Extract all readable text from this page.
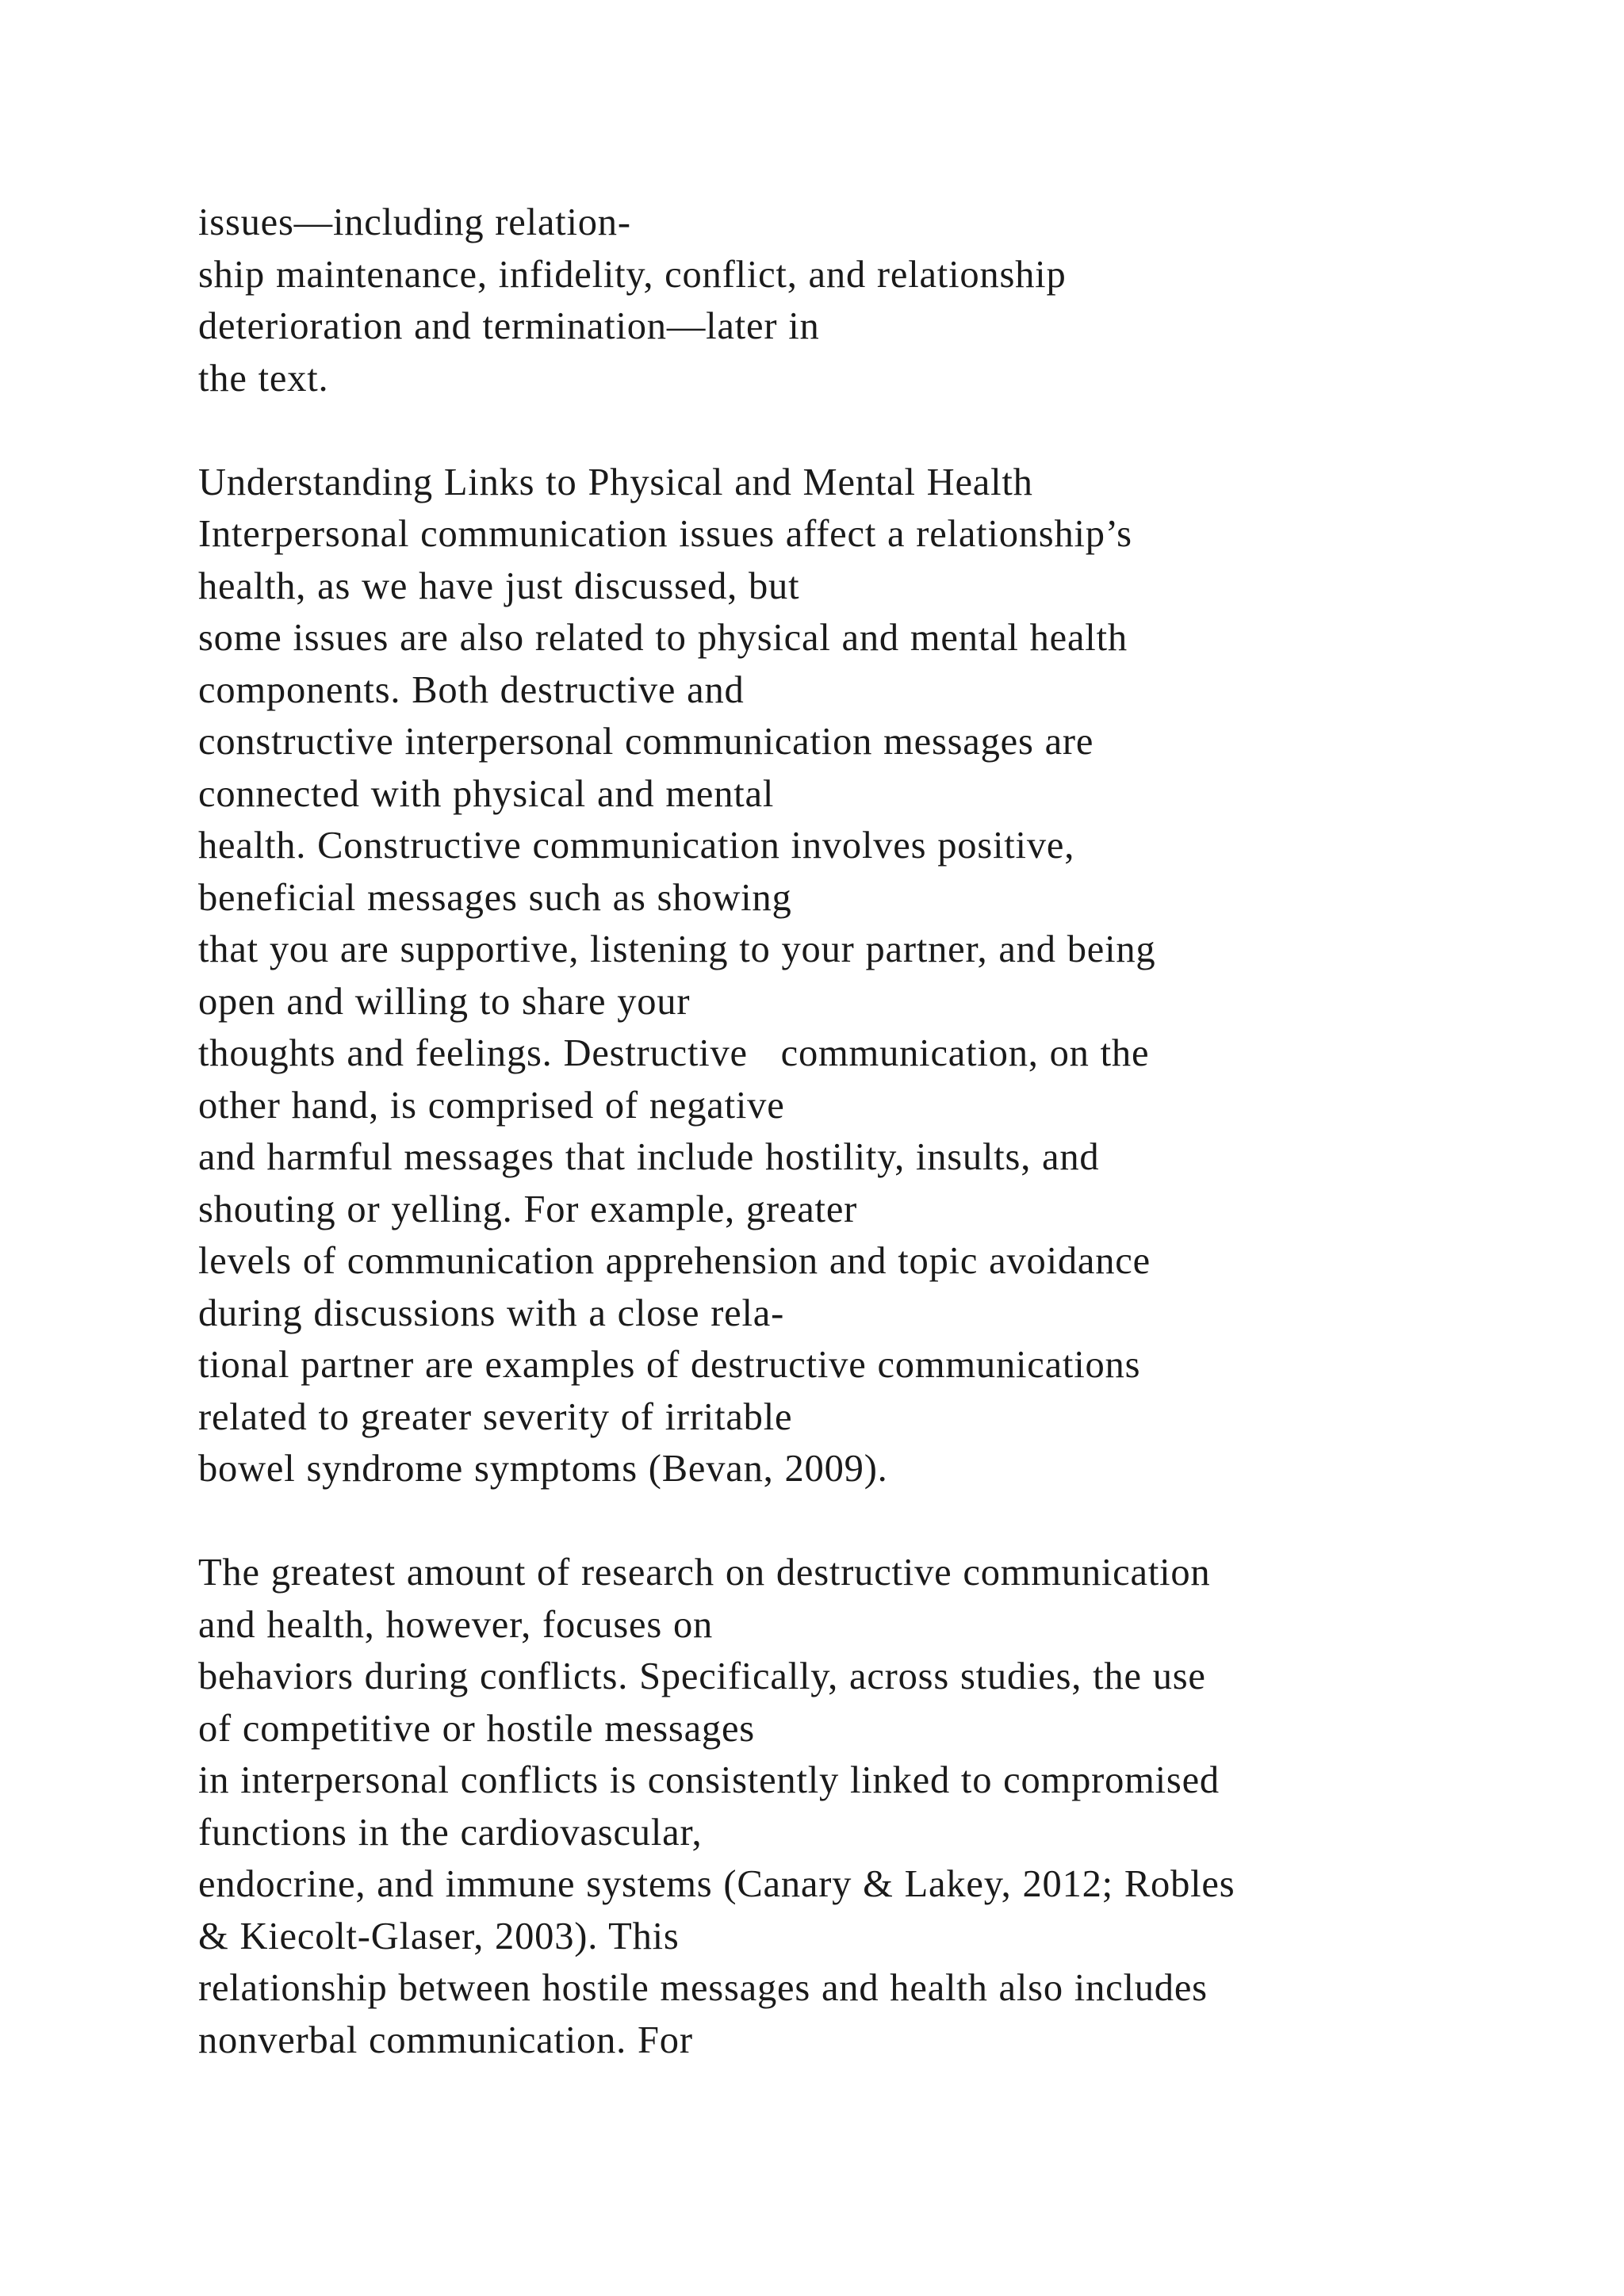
issues—including relation-
ship maintenance, infidelity, conflict, and relationship
deterioration and termination—later in
the text.

Understanding Links to Physical and Mental Health
Interpersonal communication issues affect a relationship’s
health, as we have just discussed, but
some issues are also related to physical and mental health
components. Both destructive and
constructive interpersonal communication messages are
connected with physical and mental
health. Constructive communication involves positive,
beneficial messages such as showing
that you are supportive, listening to your partner, and being
open and willing to share your
thoughts and feelings. Destructive   communication, on the
other hand, is comprised of negative
and harmful messages that include hostility, insults, and
shouting or yelling. For example, greater
levels of communication apprehension and topic avoidance
during discussions with a close rela-
tional partner are examples of destructive communications
related to greater severity of irritable
bowel syndrome symptoms (Bevan, 2009).

The greatest amount of research on destructive communication
and health, however, focuses on
behaviors during conflicts. Specifically, across studies, the use
of competitive or hostile messages
in interpersonal conflicts is consistently linked to compromised
functions in the cardiovascular,
endocrine, and immune systems (Canary & Lakey, 2012; Robles
& Kiecolt-Glaser, 2003). This
relationship between hostile messages and health also includes
nonverbal communication. For
